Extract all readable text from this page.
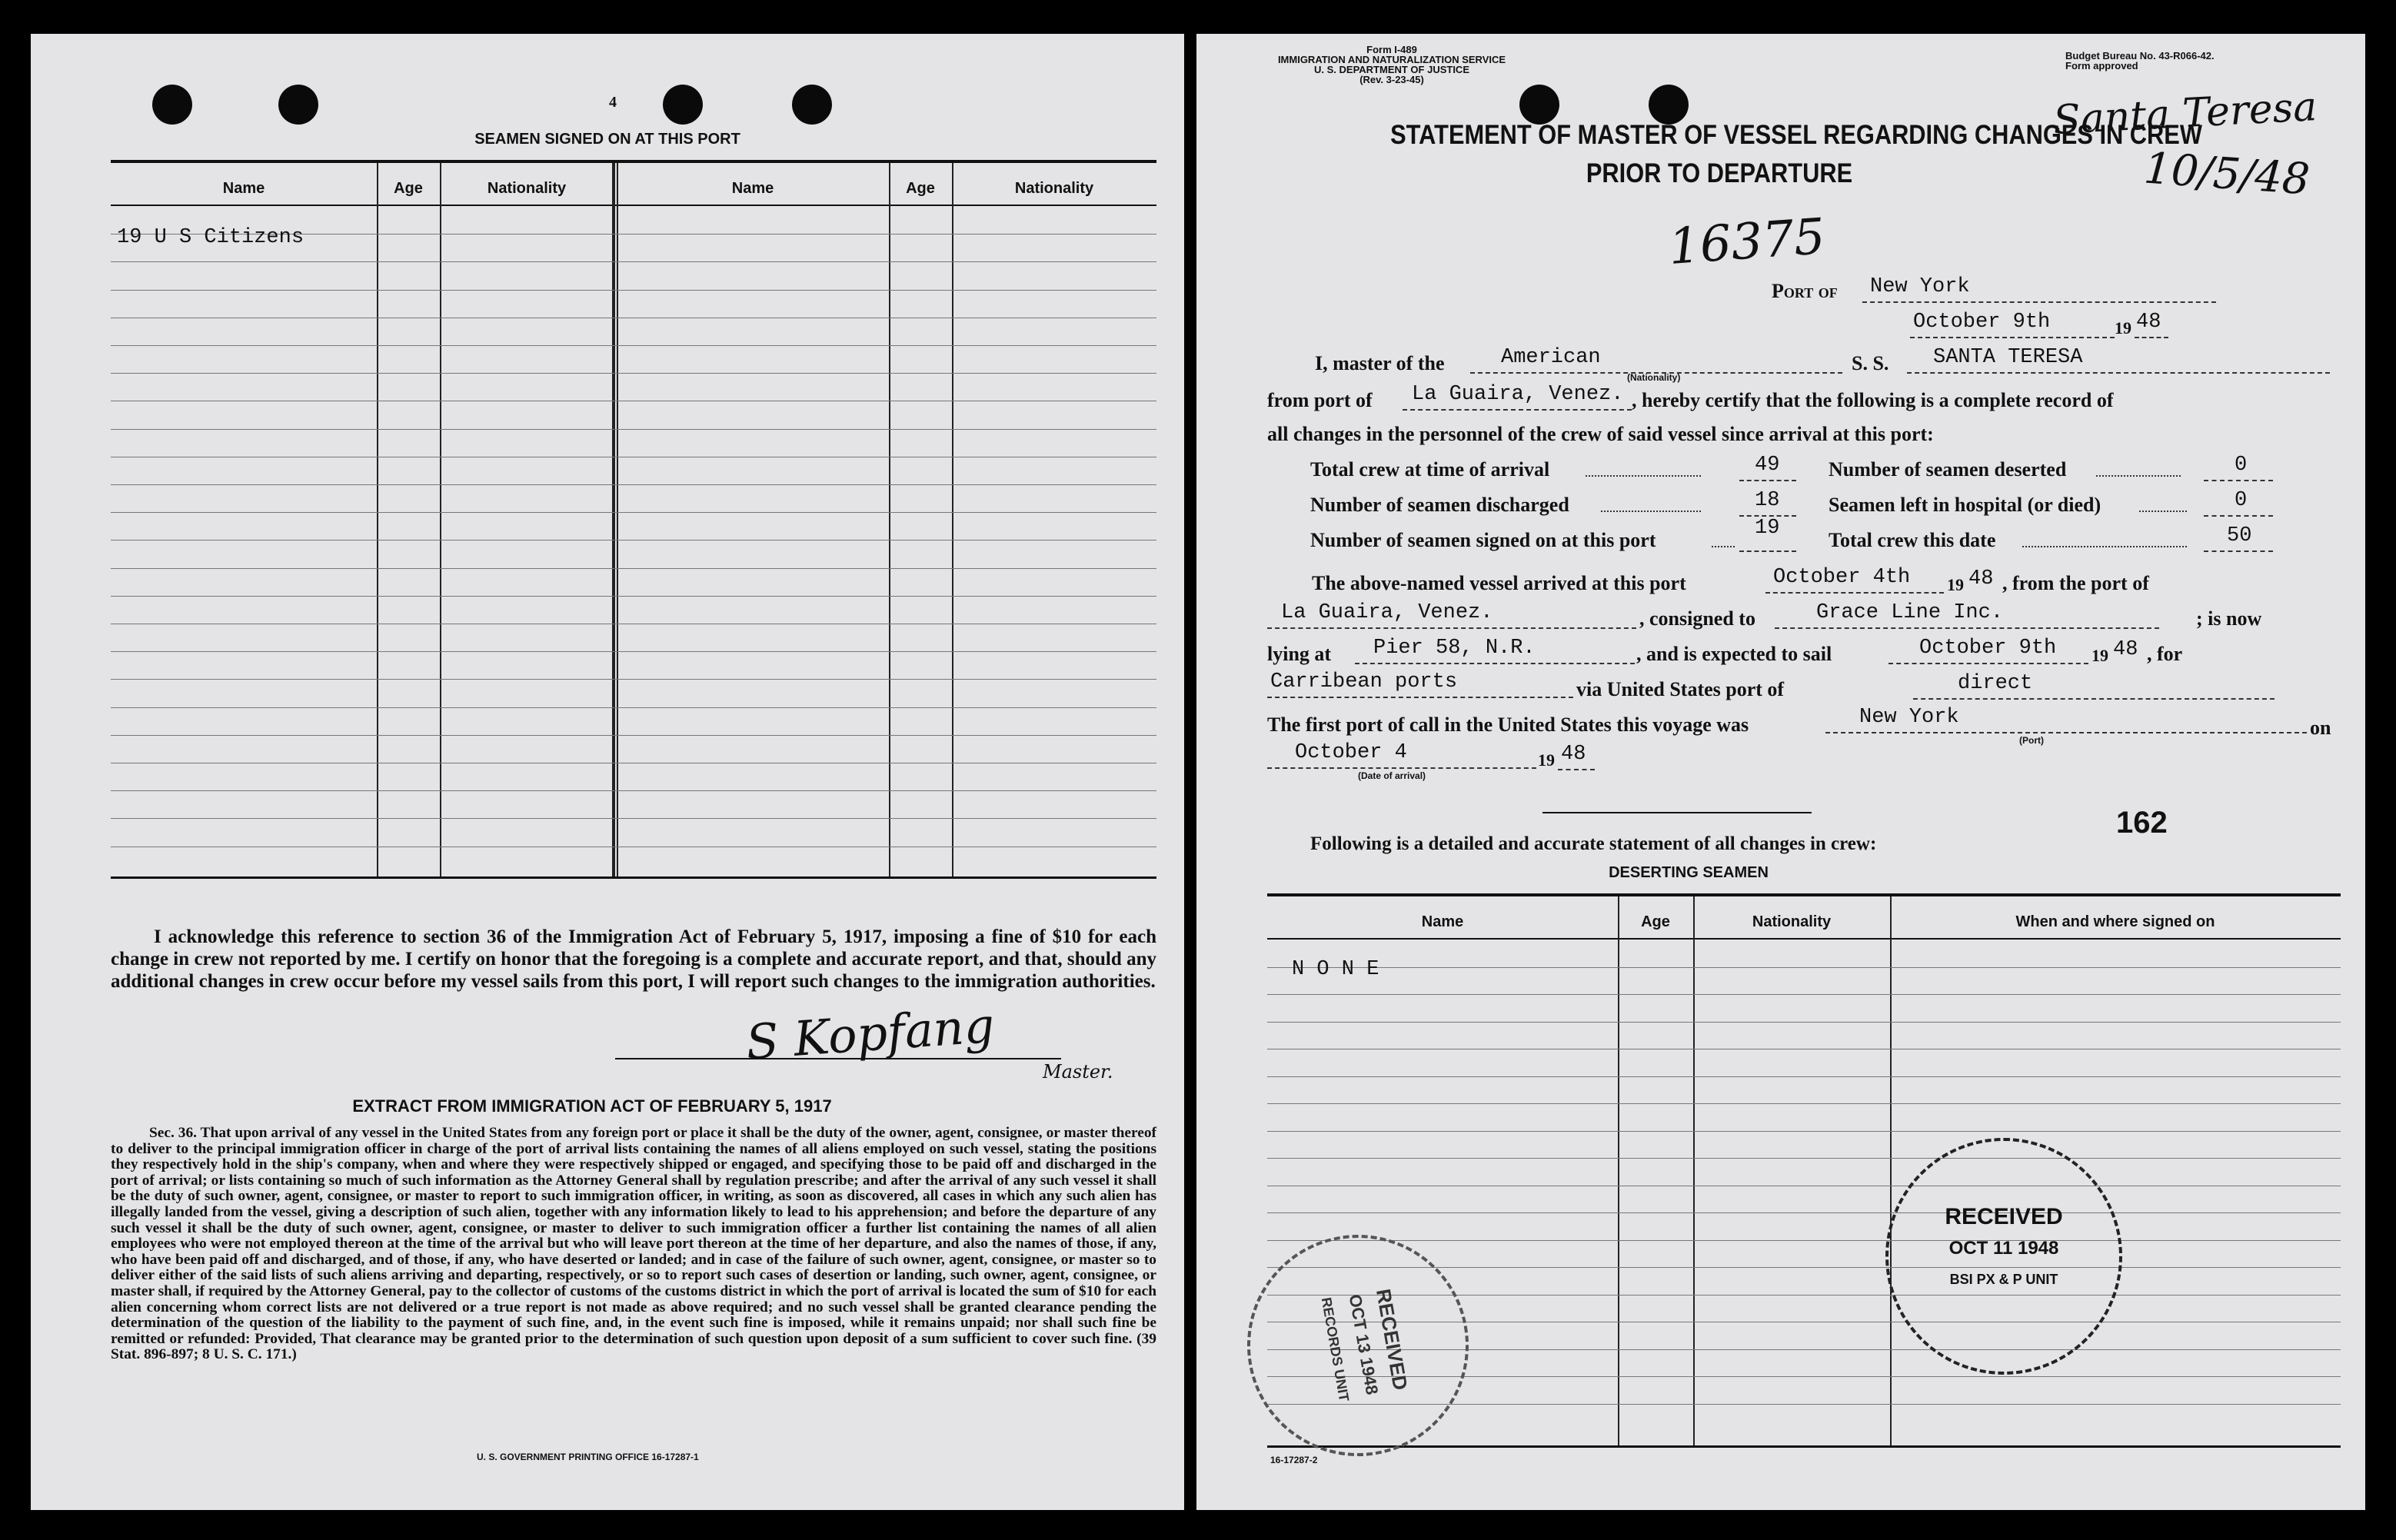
4
SEAMEN SIGNED ON AT THIS PORT
Name	Age	Nationality	Name	Age	Nationality
19 U S Citizens
I acknowledge this reference to section 36 of the Immigration Act of February 5, 1917, imposing a fine of $10 for each change in crew not reported by me. I certify on honor that the foregoing is a complete and accurate report, and that, should any additional changes in crew occur before my vessel sails from this port, I will report such changes to the immigration authorities.
S Kopfang
Master.
EXTRACT FROM IMMIGRATION ACT OF FEBRUARY 5, 1917
Sec. 36. That upon arrival of any vessel in the United States from any foreign port or place it shall be the duty of the owner, agent, consignee, or master thereof to deliver to the principal immigration officer in charge of the port of arrival lists containing the names of all aliens employed on such vessel, stating the positions they respectively hold in the ship's company, when and where they were respectively shipped or engaged, and specifying those to be paid off and discharged in the port of arrival; or lists containing so much of such information as the Attorney General shall by regulation prescribe; and after the arrival of any such vessel it shall be the duty of such owner, agent, consignee, or master to report to such immigration officer, in writing, as soon as discovered, all cases in which any such alien has illegally landed from the vessel, giving a description of such alien, together with any information likely to lead to his apprehension; and before the departure of any such vessel it shall be the duty of such owner, agent, consignee, or master to deliver to such immigration officer a further list containing the names of all alien employees who were not employed thereon at the time of the arrival but who will leave port thereon at the time of her departure, and also the names of those, if any, who have been paid off and discharged, and of those, if any, who have deserted or landed; and in case of the failure of such owner, agent, consignee, or master so to deliver either of the said lists of such aliens arriving and departing, respectively, or so to report such cases of desertion or landing, such owner, agent, consignee, or master shall, if required by the Attorney General, pay to the collector of customs of the customs district in which the port of arrival is located the sum of $10 for each alien concerning whom correct lists are not delivered or a true report is not made as above required; and no such vessel shall be granted clearance pending the determination of the question of the liability to the payment of such fine, and, in the event such fine is imposed, while it remains unpaid; nor shall such fine be remitted or refunded: Provided, That clearance may be granted prior to the determination of such question upon deposit of a sum sufficient to cover such fine. (39 Stat. 896-897; 8 U. S. C. 171.)
U. S. GOVERNMENT PRINTING OFFICE 16-17287-1
Form I-489
IMMIGRATION AND NATURALIZATION SERVICE
U. S. DEPARTMENT OF JUSTICE
(Rev. 3-23-45)
Budget Bureau No. 43-R066-42.
Form approved
STATEMENT OF MASTER OF VESSEL REGARDING CHANGES IN CREW
PRIOR TO DEPARTURE
Santa Teresa
10/5/48
16375
Port of New York
October 9th	19 48
I, master of the	American
(Nationality)
S. S. SANTA TERESA
from port of La Guaira, Venez. , hereby certify that the following is a complete record of
all changes in the personnel of the crew of said vessel since arrival at this port:
Total crew at time of arrival	49
Number of seamen discharged	18
Number of seamen signed on at this port
19
Number of seamen deserted	0
Seamen left in hospital (or died)	0
Total crew this date	50
The above-named vessel arrived at this port	October 4th 19 48 , from the port of
La Guaira, Venez.	, consigned to	Grace Line Inc.	; is now
lying at Pier 58, N.R.	, and is expected to sail	October 9th 19 48 , for
Carribean ports	via United States port of	direct
The first port of call in the United States this voyage was	New York	on
(Port)
October 4	19 48
(Date of arrival)
162
Following is a detailed and accurate statement of all changes in crew:
DESERTING SEAMEN
Name	Age	Nationality	When and where signed on
N O N E
16-17287-2
RECEIVED
OCT 11 1948
BSI PX & P UNIT
RECEIVED
OCT 13 1948
RECORDS UNIT
